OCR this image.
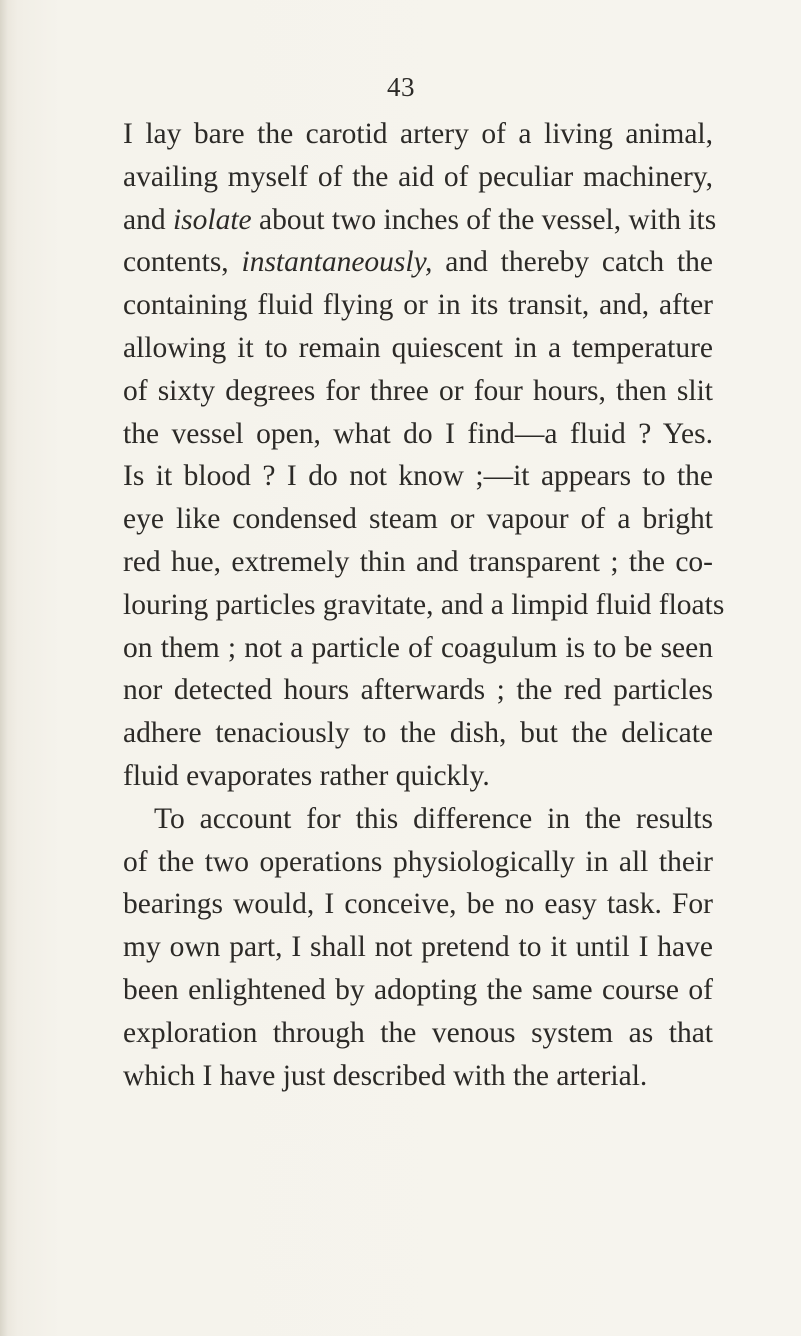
43
I lay bare the carotid artery of a living animal,
availing myself of the aid of peculiar machinery,
and isolate about two inches of the vessel, with its
contents, instantaneously, and thereby catch the
containing fluid flying or in its transit, and, after
allowing it to remain quiescent in a temperature
of sixty degrees for three or four hours, then slit
the vessel open, what do I find—a fluid ? Yes.
Is it blood ? I do not know ;—it appears to the
eye like condensed steam or vapour of a bright
red hue, extremely thin and transparent ; the co-
louring particles gravitate, and a limpid fluid floats
on them ; not a particle of coagulum is to be seen
nor detected hours afterwards ; the red particles
adhere tenaciously to the dish, but the delicate
fluid evaporates rather quickly.
To account for this difference in the results
of the two operations physiologically in all their
bearings would, I conceive, be no easy task. For
my own part, I shall not pretend to it until I have
been enlightened by adopting the same course of
exploration through the venous system as that
which I have just described with the arterial.
